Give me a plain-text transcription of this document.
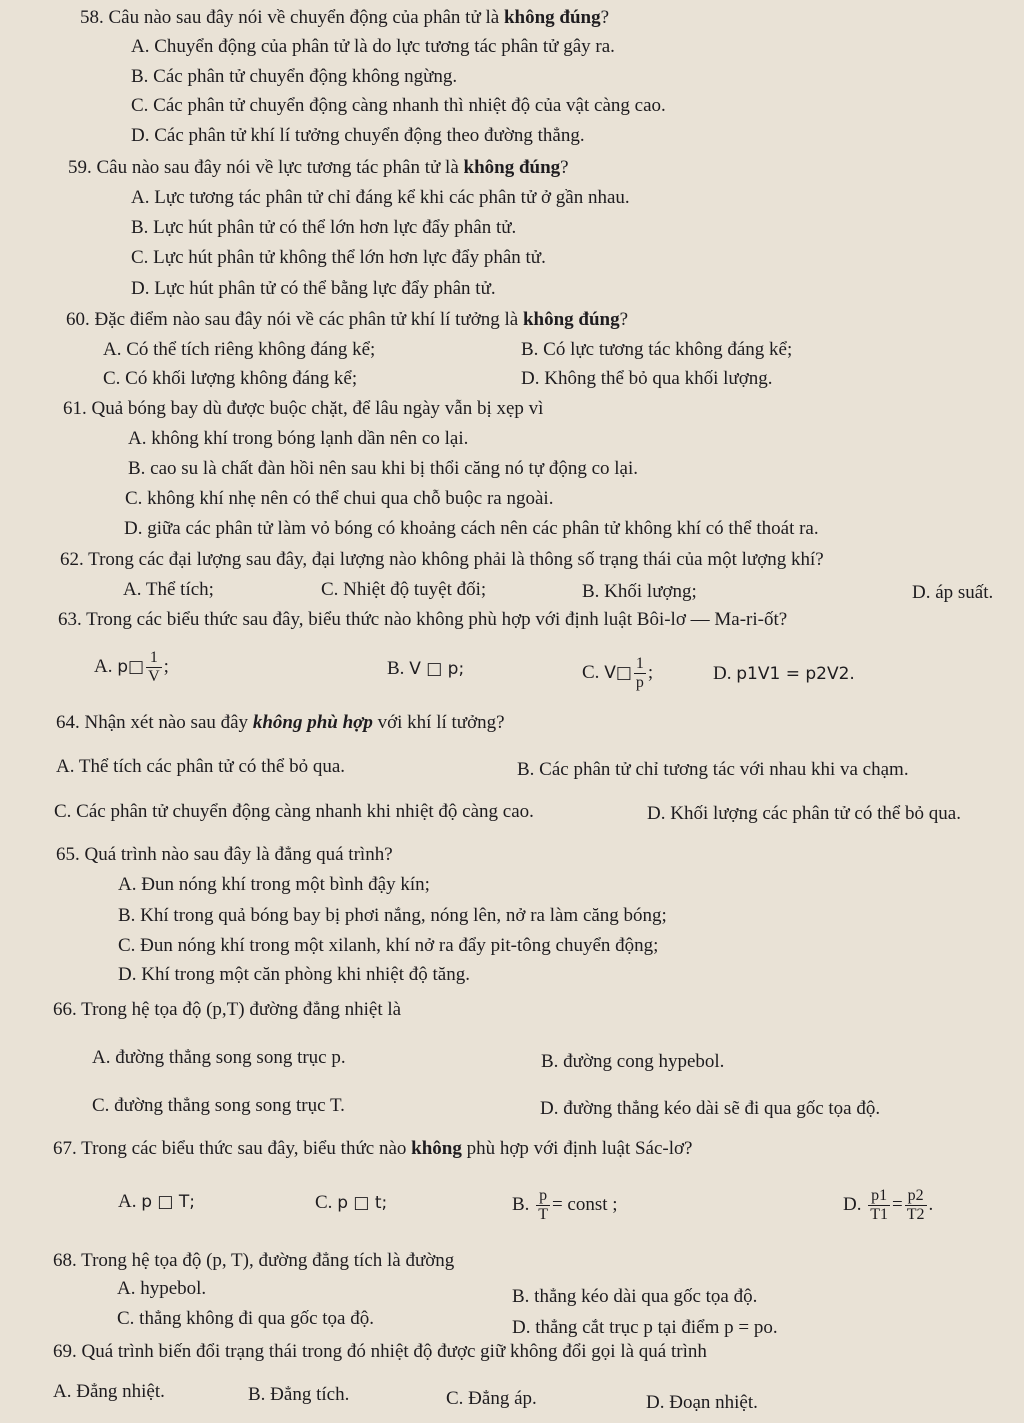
58. Câu nào sau đây nói về chuyển động của phân tử là không đúng?
A. Chuyển động của phân tử là do lực tương tác phân tử gây ra.
B. Các phân tử chuyển động không ngừng.
C. Các phân tử chuyển động càng nhanh thì nhiệt độ của vật càng cao.
D. Các phân tử khí lí tưởng chuyển động theo đường thẳng.
59. Câu nào sau đây nói về lực tương tác phân tử là không đúng?
A. Lực tương tác phân tử chỉ đáng kể khi các phân tử ở gần nhau.
B. Lực hút phân tử có thể lớn hơn lực đẩy phân tử.
C. Lực hút phân tử không thể lớn hơn lực đẩy phân tử.
D. Lực hút phân tử có thể bằng lực đẩy phân tử.
60. Đặc điểm nào sau đây nói về các phân tử khí lí tưởng là không đúng?
A. Có thể tích riêng không đáng kể;	B. Có lực tương tác không đáng kể;
C. Có khối lượng không đáng kể;	D. Không thể bỏ qua khối lượng.
61. Quả bóng bay dù được buộc chặt, để lâu ngày vẫn bị xẹp vì
A. không khí trong bóng lạnh dần nên co lại.
B. cao su là chất đàn hồi nên sau khi bị thổi căng nó tự động co lại.
C. không khí nhẹ nên có thể chui qua chỗ buộc ra ngoài.
D. giữa các phân tử làm vỏ bóng có khoảng cách nên các phân tử không khí có thể thoát ra.
62. Trong các đại lượng sau đây, đại lượng nào không phải là thông số trạng thái của một lượng khí?
A. Thể tích;	C. Nhiệt độ tuyệt đối;	B. Khối lượng;	D. áp suất.
63. Trong các biểu thức sau đây, biểu thức nào không phù hợp với định luật Bôi-lơ — Ma-ri-ốt?
A. p□ $\frac{1}{V}$ ;	B. V □ p;	C. V□ $\frac{1}{p}$ ;	D. p1V1 = p2V2.
64. Nhận xét nào sau đây không phù hợp với khí lí tưởng?
A. Thể tích các phân tử có thể bỏ qua.	B. Các phân tử chỉ tương tác với nhau khi va chạm.
C. Các phân tử chuyển động càng nhanh khi nhiệt độ càng cao.	D. Khối lượng các phân tử có thể bỏ qua.
65. Quá trình nào sau đây là đẳng quá trình?
A. Đun nóng khí trong một bình đậy kín;
B. Khí trong quả bóng bay bị phơi nắng, nóng lên, nở ra làm căng bóng;
C. Đun nóng khí trong một xilanh, khí nở ra đẩy pit-tông chuyển động;
D. Khí trong một căn phòng khi nhiệt độ tăng.
66. Trong hệ tọa độ (p,T) đường đẳng nhiệt là
A. đường thẳng song song trục p.	B. đường cong hypebol.
C. đường thẳng song song trục T.	D. đường thẳng kéo dài sẽ đi qua gốc tọa độ.
67. Trong các biểu thức sau đây, biểu thức nào không phù hợp với định luật Sác-lơ?
A. p □ T;	C. p □ t;	B. $\frac{p}{T}$ = const ;	D. $\frac{p1}{T1} = \frac{p2}{T2}$ .
68. Trong hệ tọa độ (p, T), đường đẳng tích là đường
A. hypebol.	B. thẳng kéo dài qua gốc tọa độ.
C. thẳng không đi qua gốc tọa độ.	D. thẳng cắt trục p tại điểm p = po.
69. Quá trình biến đổi trạng thái trong đó nhiệt độ được giữ không đổi gọi là quá trình
A. Đẳng nhiệt.	B. Đẳng tích.	C. Đẳng áp.	D. Đoạn nhiệt.
